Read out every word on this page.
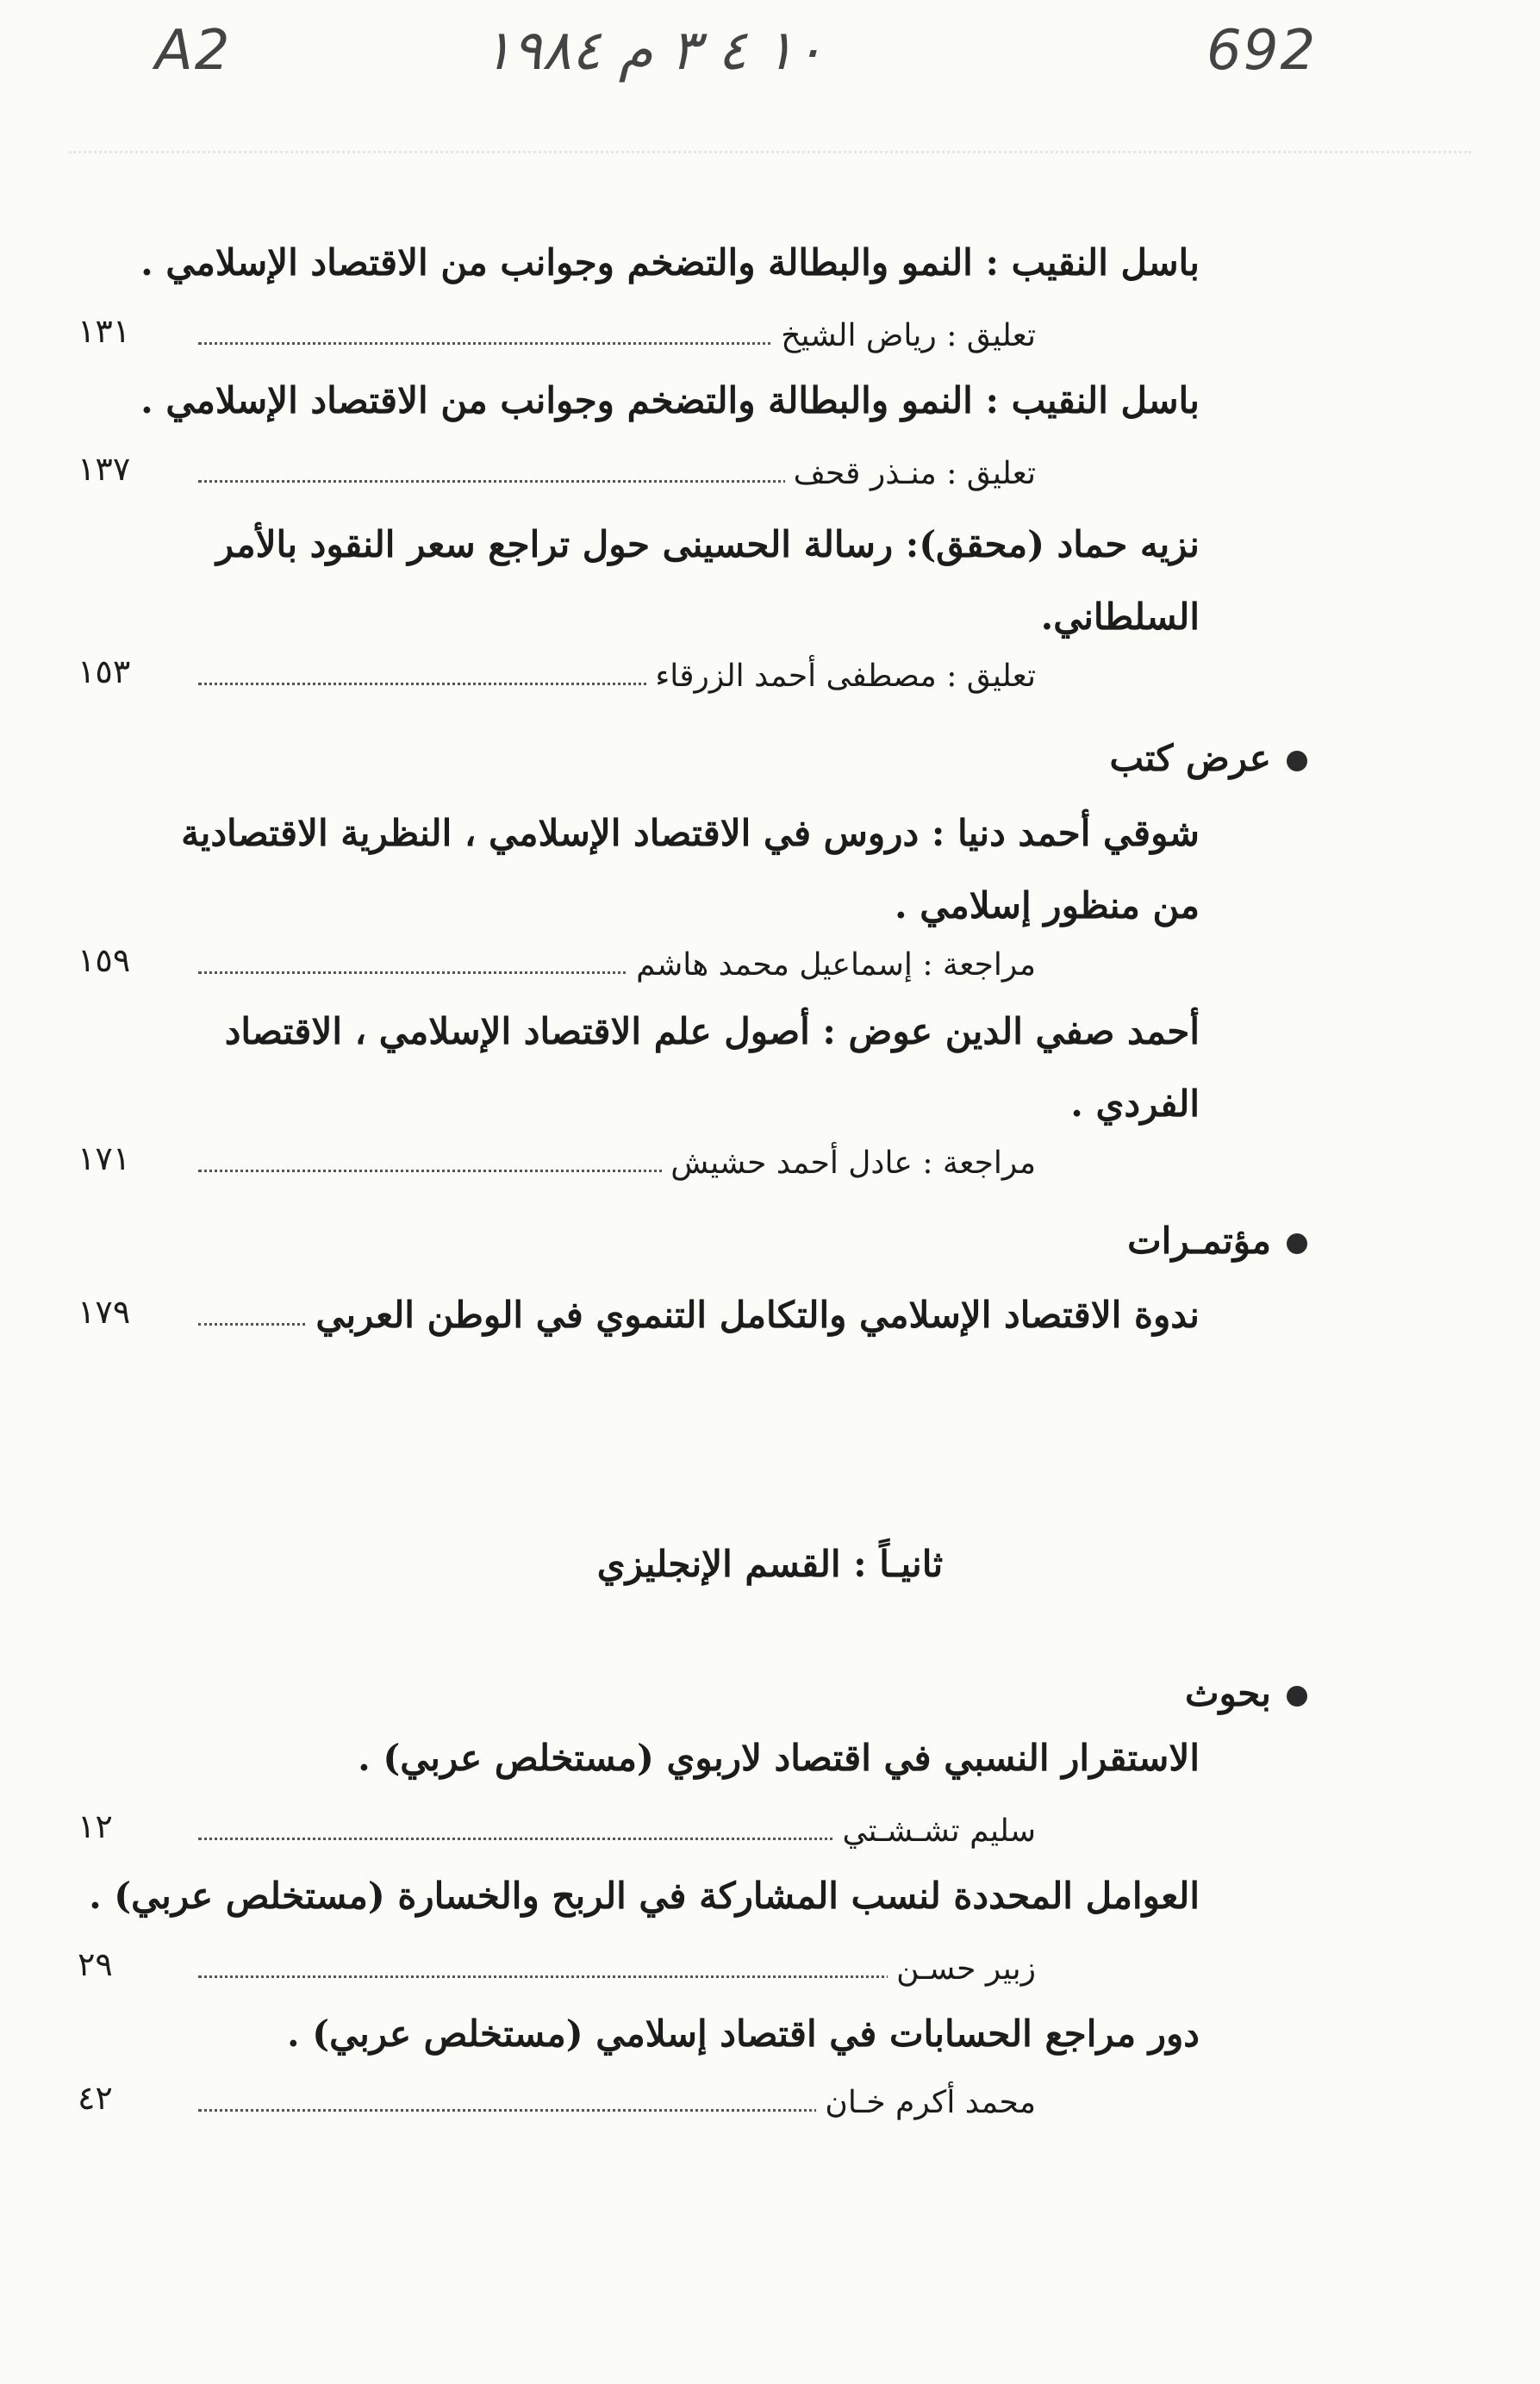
A2	١٠ ٤ ٣ م ١٩٨٤	692
باسل النقيب : النمو والبطالة والتضخم وجوانب من الاقتصاد الإسلامي .
تعليق : رياض الشيخ
١٣١
باسل النقيب : النمو والبطالة والتضخم وجوانب من الاقتصاد الإسلامي .
تعليق : منـذر قحف
١٣٧
نزيه حماد (محقق): رسالة الحسينى حول تراجع سعر النقود بالأمر السلطاني.
تعليق : مصطفى أحمد الزرقاء
١٥٣
عرض كتب
شوقي أحمد دنيا : دروس في الاقتصاد الإسلامي ، النظرية الاقتصادية من منظور إسلامي .
مراجعة : إسماعيل محمد هاشم
١٥٩
أحمد صفي الدين عوض : أصول علم الاقتصاد الإسلامي ، الاقتصاد الفردي .
مراجعة : عادل أحمد حشيش
١٧١
مؤتمـرات
ندوة الاقتصاد الإسلامي والتكامل التنموي في الوطن العربي
١٧٩
ثانيـاً : القسم الإنجليزي
بحوث
الاستقرار النسبي في اقتصاد لاربوي (مستخلص عربي) .
سليم تشـشـتي
١٢
العوامل المحددة لنسب المشاركة في الربح والخسارة (مستخلص عربي) .
زبير حسـن
٢٩
دور مراجع الحسابات في اقتصاد إسلامي (مستخلص عربي) .
محمد أكرم خـان
٤٢
